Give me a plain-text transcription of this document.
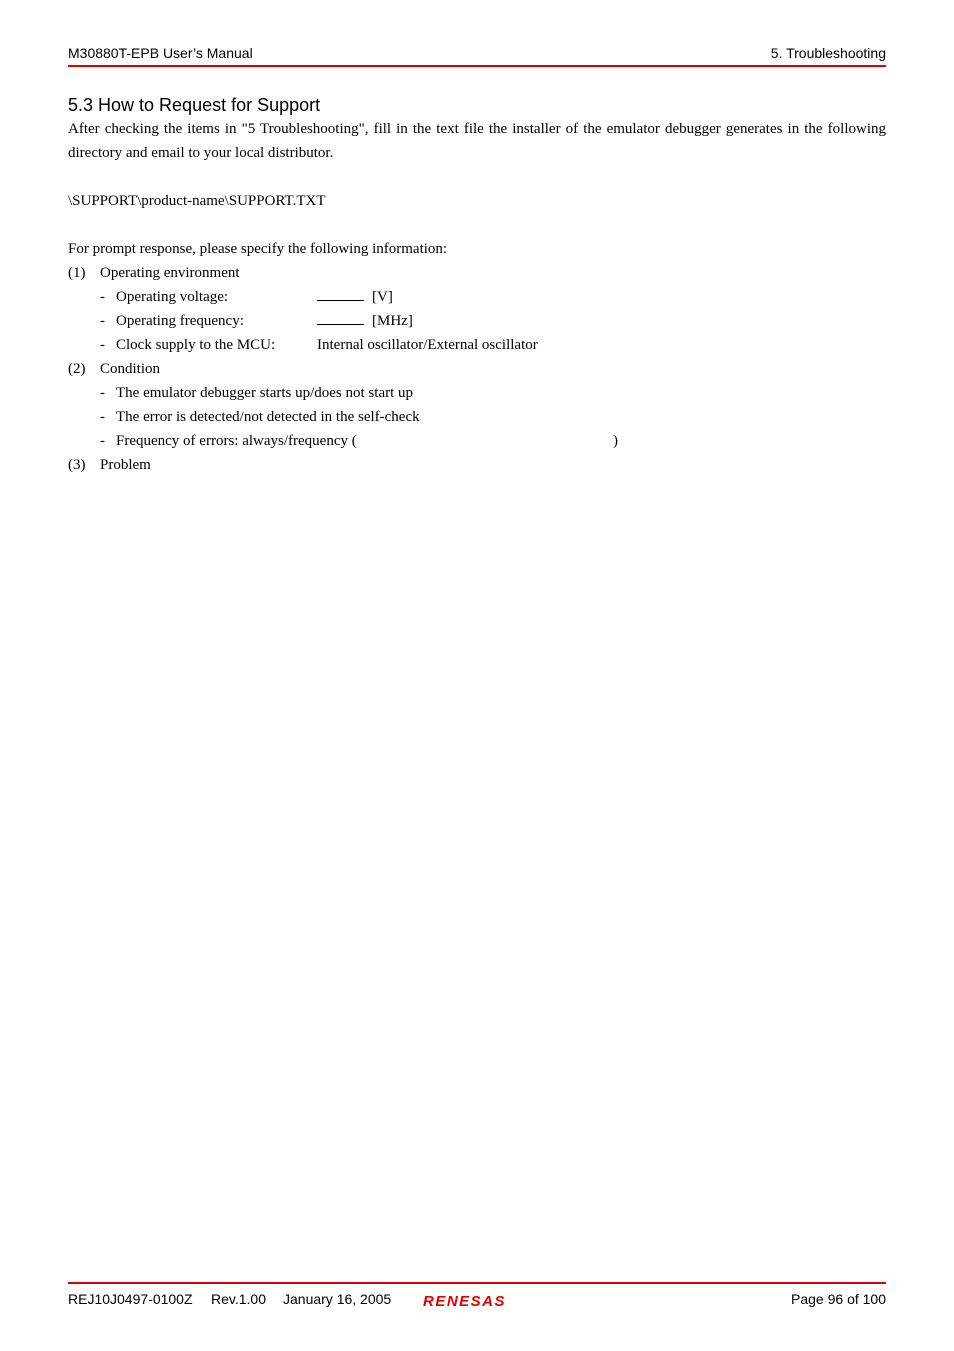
M30880T-EPB User’s Manual	5. Troubleshooting
5.3 How to Request for Support
After checking the items in "5 Troubleshooting", fill in the text file the installer of the emulator debugger generates in the following directory and email to your local distributor.
\SUPPORT\product-name\SUPPORT.TXT
For prompt response, please specify the following information:
(1) Operating environment
- Operating voltage:	[V]
- Operating frequency:	[MHz]
- Clock supply to the MCU:	Internal oscillator/External oscillator
(2) Condition
- The emulator debugger starts up/does not start up
- The error is detected/not detected in the self-check
- Frequency of errors: always/frequency (	)
(3) Problem
REJ10J0497-0100Z Rev.1.00 January 16, 2005 RENESAS	Page 96 of 100
